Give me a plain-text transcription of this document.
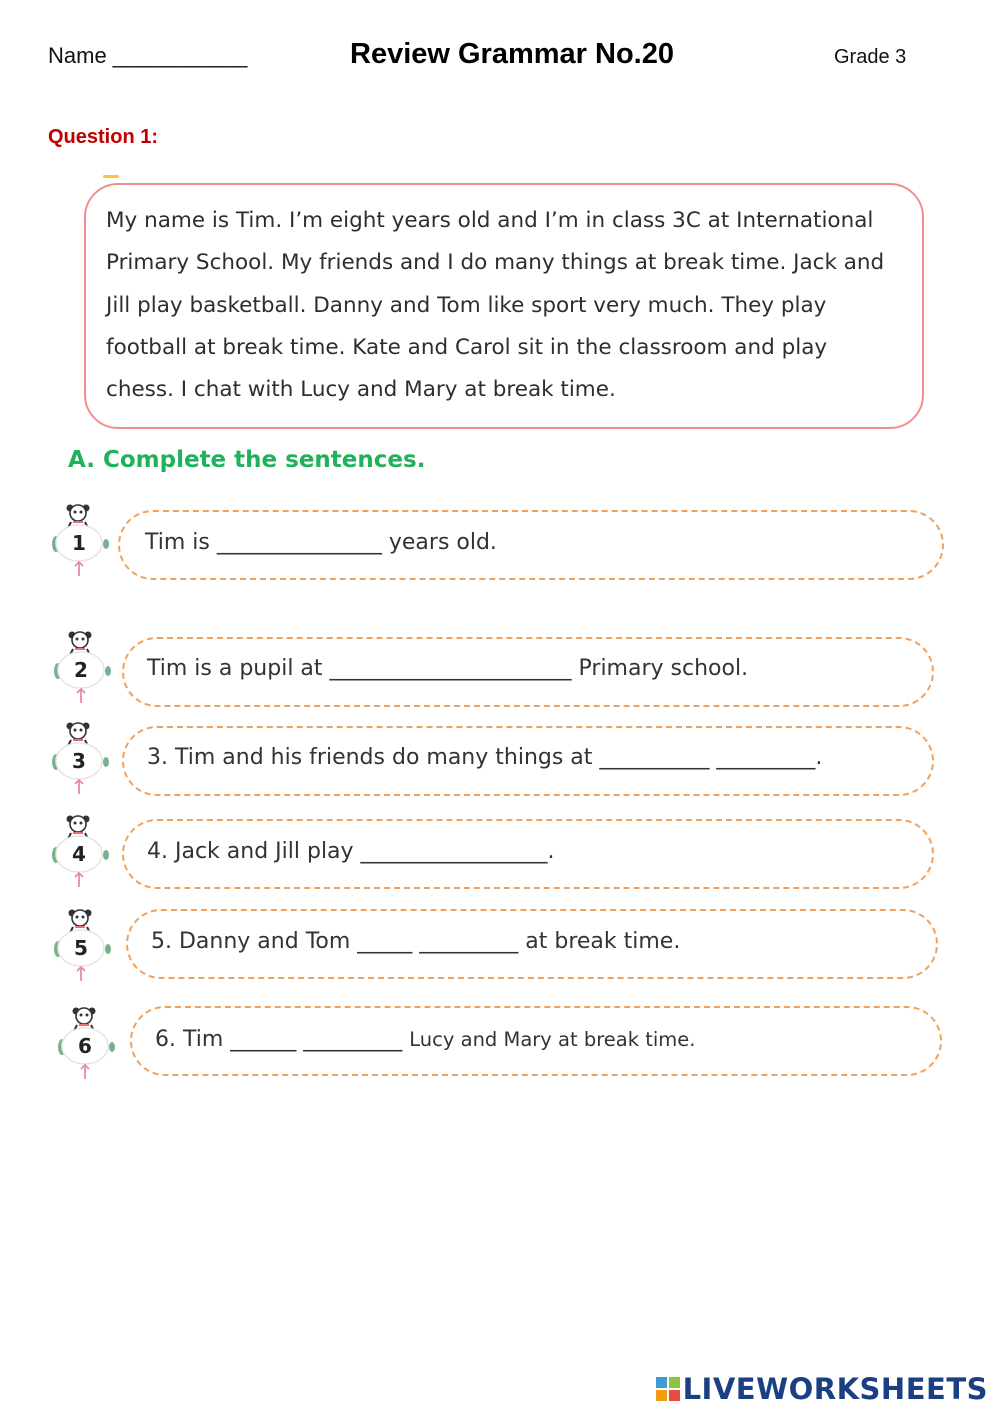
Name ___________	Review Grammar No.20	Grade 3
Question 1:
My name is Tim. I’m eight years old and I’m in class 3C at International
Primary School. My friends and I do many things at break time. Jack and
Jill play basketball. Danny and Tom like sport very much. They play
football at break time. Kate and Carol sit in the classroom and play
chess. I chat with Lucy and Mary at break time.
A. Complete the sentences.
1	Tim is _______________ years old.
2	Tim is a pupil at ______________________ Primary school.
3	3. Tim and his friends do many things at __________ _________.
4	4. Jack and Jill play _________________.
5	5. Danny and Tom _____ _________ at break time.
6	6. Tim ______ _________ Lucy and Mary at break time.
LIVEWORKSHEETS
